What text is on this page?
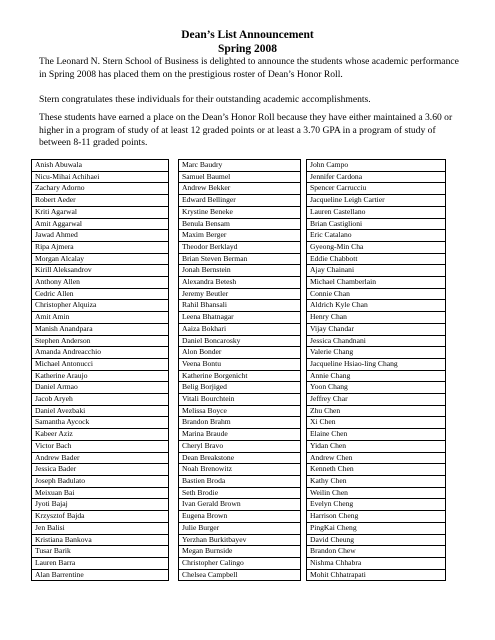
Dean’s List Announcement
Spring 2008

The Leonard N. Stern School of Business is delighted to announce the students whose academic performance in Spring 2008 has placed them on the prestigious roster of Dean’s Honor Roll.

Stern congratulates these individuals for their outstanding academic accomplishments.

These students have earned a place on the Dean’s Honor Roll because they have either maintained a 3.60 or higher in a program of study of at least 12 graded points or at least a 3.70 GPA in a program of study of between 8-11 graded points.

Anish Abuwala
Nicu-Mihai Achihaei
Zachary Adorno
Robert Aeder
Kriti Agarwal
Amit Aggarwal
Jawad Ahmed
Ripa Ajmera
Morgan Alcalay
Kirill Aleksandrov
Anthony Allen
Cedric Allen
Christopher Alquiza
Amit Amin
Manish Anandpara
Stephen Anderson
Amanda Andreacchio
Michael Antonucci
Katherine Araujo
Daniel Armao
Jacob Aryeh
Daniel Avezbaki
Samantha Aycock
Kabeer Aziz
Victor Bach
Andrew Bader
Jessica Bader
Joseph Badulato
Meixuan Bai
Jyoti Bajaj
Krzysztof Bajda
Jen Balisi
Kristiana Bankova
Tusar Barik
Lauren Barra
Alan Barrentine
Marc Baudry
Samuel Baumel
Andrew Bekker
Edward Bellinger
Krystine Beneke
Benula Bensam
Maxim Berger
Theodor Berklayd
Brian Steven Berman
Jonah Bernstein
Alexandra Betesh
Jeremy Beutler
Rahil Bhansali
Leena Bhatnagar
Aaiza Bokhari
Daniel Boncarosky
Alon Bonder
Veena Bontu
Katherine Borgenicht
Belig Borjiged
Vitali Bourchtein
Melissa Boyce
Brandon Brahm
Marina Braude
Cheryl Bravo
Dean Breakstone
Noah Brenowitz
Bastien Broda
Seth Brodie
Ivan Gerald Brown
Eugena Brown
Julie Burger
Yerzhan Burkitbayev
Megan Burnside
Christopher Calingo
Chelsea Campbell
John Campo
Jennifer Cardona
Spencer Carrucciu
Jacqueline Leigh Cartier
Lauren Castellano
Brian Castiglioni
Eric Catalano
Gyeong-Min Cha
Eddie Chabbott
Ajay Chainani
Michael Chamberlain
Connie Chan
Aldrich Kyle Chan
Henry Chan
Vijay Chandar
Jessica Chandnani
Valerie Chang
Jacqueline Hsiao-ling Chang
Annie Chang
Yoon Chang
Jeffrey Char
Zhu Chen
Xi Chen
Elaine Chen
Yidan Chen
Andrew Chen
Kenneth Chen
Kathy Chen
Weilin Chen
Evelyn Cheng
Harrison Cheng
PingKai Cheng
David Cheung
Brandon Chew
Nishma Chhabra
Mohit Chhatrapati
